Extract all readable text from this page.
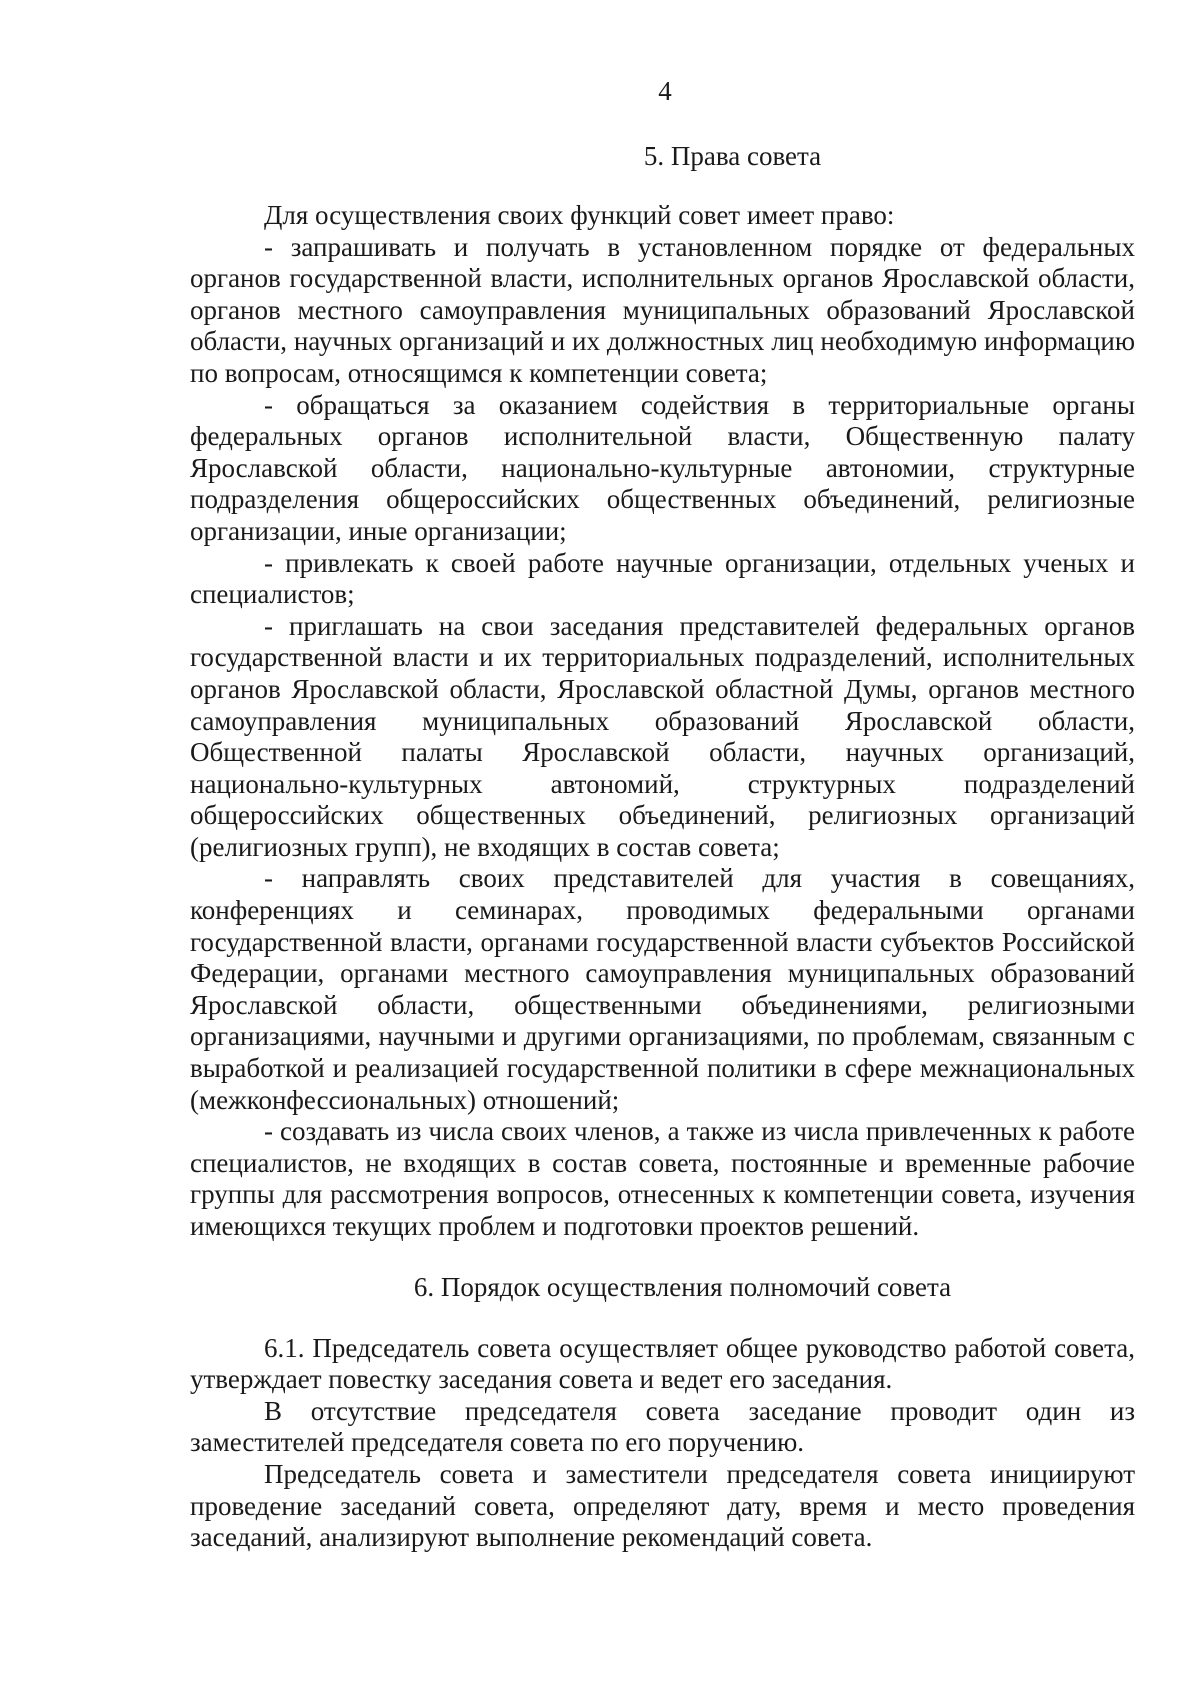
4
5. Права совета

Для осуществления своих функций совет имеет право:

- запрашивать и получать в установленном порядке от федеральных органов государственной власти, исполнительных органов Ярославской области, органов местного самоуправления муниципальных образований Ярославской области, научных организаций и их должностных лиц необходимую информацию по вопросам, относящимся к компетенции совета;

- обращаться за оказанием содействия в территориальные органы федеральных органов исполнительной власти, Общественную палату Ярославской области, национально-культурные автономии, структурные подразделения общероссийских общественных объединений, религиозные организации, иные организации;

- привлекать к своей работе научные организации, отдельных ученых и специалистов;

- приглашать на свои заседания представителей федеральных органов государственной власти и их территориальных подразделений, исполнительных органов Ярославской области, Ярославской областной Думы, органов местного самоуправления муниципальных образований Ярославской области, Общественной палаты Ярославской области, научных организаций, национально-культурных автономий, структурных подразделений общероссийских общественных объединений, религиозных организаций (религиозных групп), не входящих в состав совета;

- направлять своих представителей для участия в совещаниях, конференциях и семинарах, проводимых федеральными органами государственной власти, органами государственной власти субъектов Российской Федерации, органами местного самоуправления муниципальных образований Ярославской области, общественными объединениями, религиозными организациями, научными и другими организациями, по проблемам, связанным с выработкой и реализацией государственной политики в сфере межнациональных (межконфессиональных) отношений;

- создавать из числа своих членов, а также из числа привлеченных к работе специалистов, не входящих в состав совета, постоянные и временные рабочие группы для рассмотрения вопросов, отнесенных к компетенции совета, изучения имеющихся текущих проблем и подготовки проектов решений.

6. Порядок осуществления полномочий совета

6.1. Председатель совета осуществляет общее руководство работой совета, утверждает повестку заседания совета и ведет его заседания.

В отсутствие председателя совета заседание проводит один из заместителей председателя совета по его поручению.

Председатель совета и заместители председателя совета инициируют проведение заседаний совета, определяют дату, время и место проведения заседаний, анализируют выполнение рекомендаций совета.
